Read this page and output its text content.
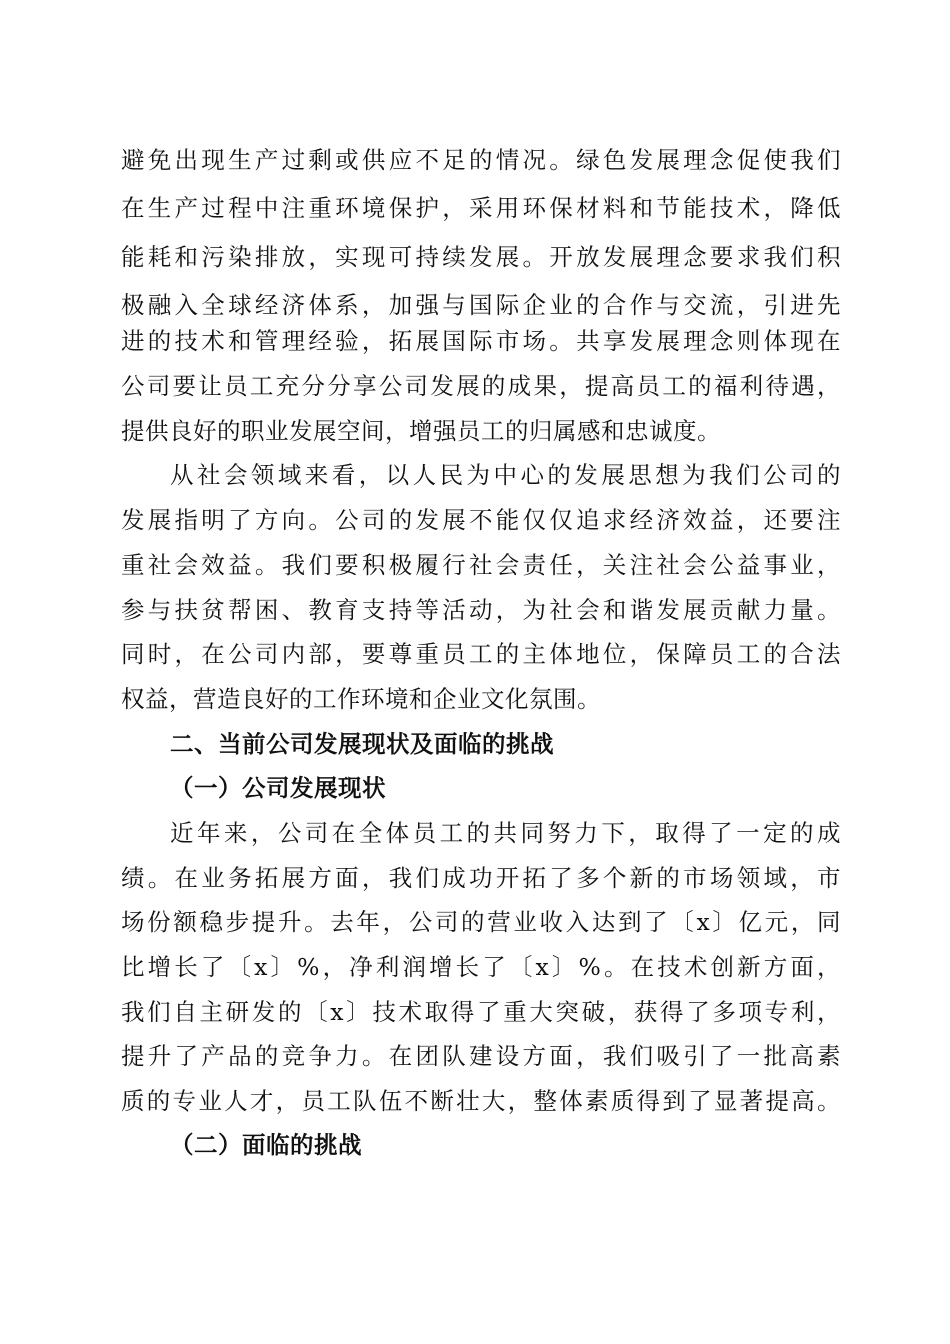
避免出现生产过剩或供应不足的情况。绿色发展理念促使我们
在生产过程中注重环境保护，采用环保材料和节能技术，降低
能耗和污染排放，实现可持续发展。开放发展理念要求我们积
极融入全球经济体系，加强与国际企业的合作与交流，引进先
进的技术和管理经验，拓展国际市场。共享发展理念则体现在
公司要让员工充分分享公司发展的成果，提高员工的福利待遇，
提供良好的职业发展空间，增强员工的归属感和忠诚度。
从社会领域来看，以人民为中心的发展思想为我们公司的
发展指明了方向。公司的发展不能仅仅追求经济效益，还要注
重社会效益。我们要积极履行社会责任，关注社会公益事业，
参与扶贫帮困、教育支持等活动，为社会和谐发展贡献力量。
同时，在公司内部，要尊重员工的主体地位，保障员工的合法
权益，营造良好的工作环境和企业文化氛围。
二、当前公司发展现状及面临的挑战
（一）公司发展现状
近年来，公司在全体员工的共同努力下，取得了一定的成
绩。在业务拓展方面，我们成功开拓了多个新的市场领域，市
场份额稳步提升。去年，公司的营业收入达到了〔x〕亿元，同
比增长了〔x〕%，净利润增长了〔x〕%。在技术创新方面，
我们自主研发的〔x〕技术取得了重大突破，获得了多项专利，
提升了产品的竞争力。在团队建设方面，我们吸引了一批高素
质的专业人才，员工队伍不断壮大，整体素质得到了显著提高。
（二）面临的挑战
